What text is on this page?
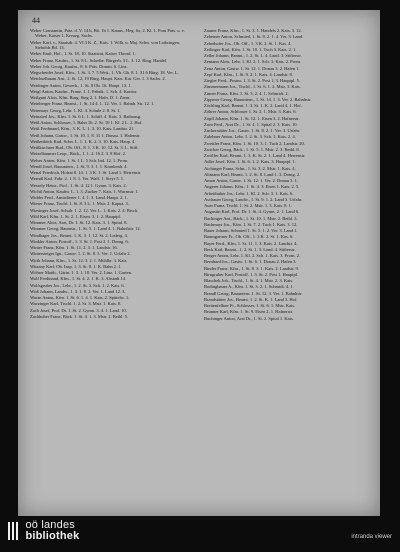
44

Weber Constantin, Präz. d. V. 14 b, Bö. 1b 1. Knaus., Heg. 6x, 2. Kl. 1. Frau Präs. u. v. Weber, Kaiser 1, Kreuzg. Sachs.

Weber Karl, v., Staatsdr. 4. VI 3 K. Z., Kais. 1. Wilh. u. Maj. Schw. von Lothringen, Siebolds Bd. 13.

Weber Emil, Hof., 1. St. 18, 10. Staatsrat, Kaiser Thronf. 1.

Weber Franz, Kaufm., 1. St. 8 L. Scheibe. Bürgerh. 3 L. 3. 12. Ring. Handel.

Weber Joh. Georg, Kaufm., 8. 6. Präs. Domin. 6. Linz.

Wegscheider Josef, Kfm., 1. St. 3. 7. 5 Weit., 1. Vh. Gb. 8. 1. 31 6 Bürg. 18. Ver. L.

Weichselbaum Ant., 2. St. 12, 19 Bürg. Haupt. Kais. Kat. Ger. 1. 3 Sachs. 2.

Weidinger Anton, Gewerb., 1. St. 8 Ob. 16. Haupt. 13. 1.

Weigl Anton, Kaufm., Franz. 1. 1. Fabrik. 1. Sch. 4. Kontor.

Weilguni Alois, Kfm. Burg. Steg 2. 1. Hafn. D. 1. Zentr.

Weinberger Franz, Beamt., 1. St. 14 4. 1. 12. Ver. 1. Bahnh. Str. 12. 1.

Weinmayr Georg, Lehr. 1. Kl. 4. Schule 2. 8. St. 1.

Weinzierl Jos., Kfm. 1. St. 6 L. 1. Schiff. 4. Kais. 3. Rathausg.

Weiß Anton, Schlosser, 1. Bahn 16. 2. St. 10 1. Kl. 2 L. 2. Hof.

Weiß Ferdinand, Kfm., 3. K. L. 1. 3. 10. Kais. Landstr. 21.

Weiß Johann, Gastw., 1. St. 10. 1. 8. 11 1. Donau. 1. Hafenstr.

Weißenböck Karl, Schn. L. 1. 1. K. 2. 3. 10. Kais. Haup. 4.

Weißkirchner Rud., Ob. Off., 8. 1. 3 K. 10. 12. St. 3. L. Stift.

Weixelbaumer Leop., Bäck., 1. 1. 2. 16 2. 3. 9 Hof. 2.

Welser Anton, Kfm. 1. St. 1 L. 5 Sch. Ind. 12. 1. Prom.

Wendl Josef, Bauuntern., 1. St. 9. 3. 1. 1. Krankenh. 4.

Wenzl Friedrich, Hofrat 8. 14. 1. 3 K. 1. St. Land 1. Herrenstr.

Werndl Karl, Fabr. 2. 1. 8. 1. Ver. Waff. 1. Steyr 5. 1.

Wessely Heinr., Prof., 1. St. 4. 12 1. Gymn. 3. Kais. 2.

Wichtl Anton, Kaufm. L. 1. 3. Zucker 7. Kais. 1. Wurmstr. 1.

Widder Ferd., Amtsdiener 1. 4. 1. 3. Land. Haupt. 2. 1.

Wieser Franz, Tischl. 1. St. 8. 3 L. 1. Mstr. 2. Kapuz. 3.

Wiesinger Josef, Schulr. 1. 2. 12. Ver. L. 1. Kais. 2. 4. Bisch.

Wild Karl, Kfm. 1. St. 2. 1. Eisen. 3. 1. 2. Hauptpl.

Wimmer Alois, Arzt, Dr. 1. St. 12. Kais. 3. 1. Spital. 8.

Wimmer Georg, Baumstr., 1. St. 5. 1. Land 4. 1. Bahnhstr. 12.

Windhager Jos., Beamt. 1. K. 3. 1. 12. St. 2. Lederg. 4.

Winkler Anton, Postoff., 1. 3. St. 1. Post 2. 1. Domg. 6.

Winter Franz, Kfm. 1. St. 11. 2. 3. 1. Landstr. 16.

Wintersteiger Ign., Gastw. 1. 2. St. 8. 3. Ver. 1. Urfahr 2.

Wirth Johann, Kfm., 1. St. 12. 3. 2. 1. Mühlkr. 3. Kais.

Witzany Karl, Ob. Insp. 1. 3. St. 8. 1. K. Bahn 2. 1.

Wöhrer Matth., Gärtn. 1. 3. 1. 10. Ver. 2. Linz. 1. Garten.

Wolf Ferdinand, Kfm., 1. St. 4. 2. 1. K. 3. Altstadt 14.

Wolfsgruber Jos., Lehr., 1. 2. St. 3. Sch. 1. 2. Kais. 6.

Wöß Johann, Landw., 1. 3. 1. 8. 2. Ver. 1. Land 12. 3.

Wurm Anton, Kfm. 1. St. 6. 1. 4. 1. Kais. 2. Spittelw. 1.

Wurzinger Karl, Tischl. 1. 2. St. 3. Mstr. 1. Kais. 8.

Zach Josef, Prof. Dr. 1. St. 2. Gymn. 3. 4. 1. Land. 10.

Zachhuber Franz, Bäck. 1. St. 4. 1. 3. Mstr. 2. Bethl. 5.

Zauner Franz, Kfm., 1. St. 3. 1. Handels 2. Kais. 3. 12.

Zehetner Anton, Schmied, 1. St. 8. 2. 1. 4. Ver. 3. Land.

Zehethofer Jos., Ob. Off., 1. 3 K. 2. St. 1. Kas. 4.

Zeilinger Karl, Kfm. 1. St. 10. 1. Tuch 3. Kais. 2. 1.

Zeller Johann, Beamt., 1. 2. St. 1. 4. Land. 3. Stifterstr.

Zemann Alois, Lehr. 1. Kl. 2. 1. Sch. 3. Kais. 2. Prom.

Zenz Anton, Gastw. 1. St. 12. 1. Donau 3. 2. Hafen 1.

Zepf Karl, Kfm., 1. St. 9. 2. 1. Kais. 4. Landstr. 8.

Ziegler Ferd., Postm. 1. 3. St. 2. Post 1. 3. Hauptpl. 5.

Zimmermann Jos., Tischl., 1. St. 6. 1. 2. Mstr. 3. Kais.

Zinner Franz, Kfm. 1. St. 3. 2. 4. 1. Schmidt. 2.

Zipperer Georg, Bauuntern., 1. St. 14. 1. 3. Ver. 2. Bahnhstr.

Zöchling Karl, Beamt. 1. 3. St. 1. K. 2. Land 4. 1. Hof.

Zöhrer Anton, Schlosser 1. St. 2. 1. Mstr. 3. Kais. 6.

Zöpfl Johann, Kfm. 1. St. 12. 1. Eisen 3. 2. Hafnerstr.

Zorn Ferd., Arzt Dr., 1. St. 4. 1. Spital 2. 3. Kais. 10.

Zuckerstätter Jos., Gastw. 1. St. 8. 2. 1. Ver. 3. Urfahr.

Zulehner Anton, Lehr. 1. 2. St. 3. Sch. 1. Kais. 2. 4.

Zwettler Franz, Kfm. 1. St. 10. 3. 1. Tuch 2. Landstr. 20.

Zwicker Georg, Bäck., 1. St. 5. 1. Mstr. 2. 3. Bethl. 8.

Zwölfer Karl, Beamt. 1. 3. K. St. 2. 1. Land 4. Herrenstr.

Adler Josef, Kfm. 1. St. 6. 1. 2. Kais. 3. Hauptpl. 1.

Aichinger Franz, Schn., 1. St. 3. 2. Mstr. 1. Kais. 4.

Altmann Karl, Beamt. 1. 2. St. 8. Land 1. 3. Domg. 2.

Amon Anton, Gastw. 1. St. 12. 1. Ver. 2. Donau 3. 1.

Angerer Johann, Kfm., 1. St. 4. 3. Eisen 1. Kais. 2. 5.

Arbeithuber Jos., Lehr. 1. Kl. 2. Sch. 3. 1. Kais. 6.

Aschauer Georg, Landw., 1. St. 9. 1. 2. Land 3. Urfahr.

Auer Franz, Tischl. 1. St. 2. Mstr. 1. 3. Kais. 8. 1.

Augustin Karl, Prof. Dr. 1. St. 4. Gymn. 2. 1. Land 6.

Bachinger Ant., Bäck., 1. St. 10. 1. Mstr. 2. Bethl. 3.

Bachmayr Jos., Kfm. 1. St. 7. 2. Tuch 1. Kais. 3. 12.

Bauer Johann, Schmied 1. St. 5. 1. 2. Ver. 3. Land 1.

Baumgartner Fr., Ob. Off., 1. 3 K. 2. St. 1. Kas. 6.

Bayer Ferd., Kfm. 1. St. 11. 1. 3. Kais. 2. Landstr. 4.

Beck Karl, Beamt., 1. 2. St. 1. 3. Land. 4. Stifterstr.

Berger Anton, Lehr. 1. Kl. 2. Sch. 1. Kais. 3. Prom. 2.

Bernhard Jos., Gastw. 1. St. 6. 1. Donau 2. Hafen 3.

Binder Franz, Kfm., 1. St. 8. 3. 1. Kais. 2. Landstr. 9.

Birngruber Karl, Postoff. 1. 3. St. 2. Post 1. Hauptpl.

Blaschek Joh., Tischl., 1. St. 4. 1. Mstr. 2. 3. Kais.

Bodingbauer A., Kfm. 1. St. 3. 2. 1. Schmidt. 4. 1.

Brandl Georg, Bauuntern. 1. St. 12. 3. Ver. 1. Bahnhstr.

Brandstätter Jos., Beamt. 1. 2. St. K. 1. Land 3. Hof.

Breitenfellner Fr., Schlosser, 1. St. 6. 1. Mstr. Kais.

Brunner Karl, Kfm. 1. St. 9. Eisen 2. 1. Hafnerstr.

Buchinger Anton, Arzt Dr., 1. St. 2. Spital 1. Kais.

oö landes
bibliothek	intranda viewer
